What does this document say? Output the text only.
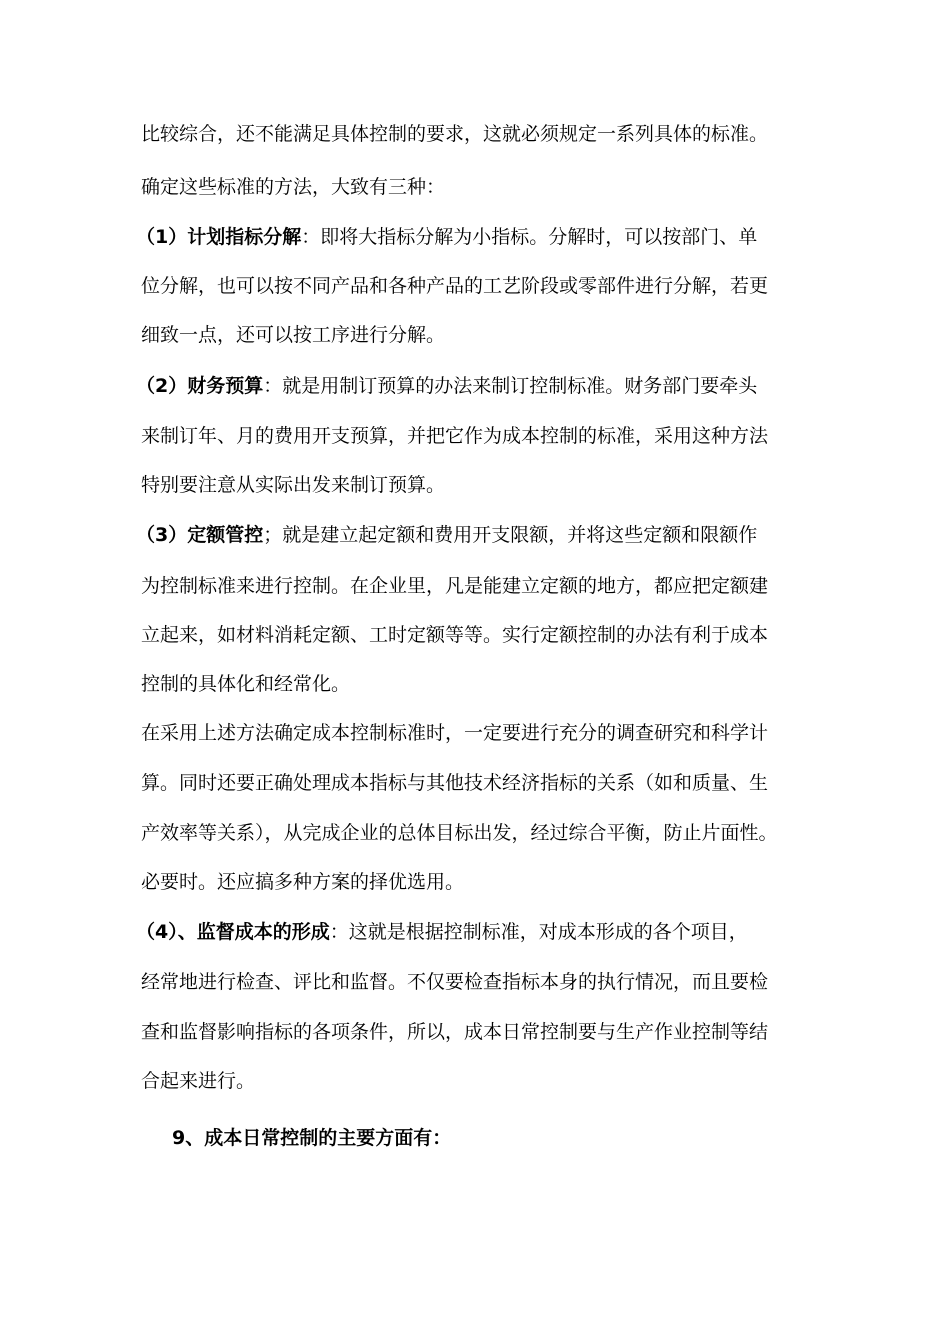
比较综合，还不能满足具体控制的要求，这就必须规定一系列具体的标准。
确定这些标准的方法，大致有三种：
（1）计划指标分解：即将大指标分解为小指标。分解时，可以按部门、单
位分解，也可以按不同产品和各种产品的工艺阶段或零部件进行分解，若更
细致一点，还可以按工序进行分解。
（2）财务预算：就是用制订预算的办法来制订控制标准。财务部门要牵头
来制订年、月的费用开支预算，并把它作为成本控制的标准，采用这种方法
特别要注意从实际出发来制订预算。
（3）定额管控；就是建立起定额和费用开支限额，并将这些定额和限额作
为控制标准来进行控制。在企业里，凡是能建立定额的地方，都应把定额建
立起来，如材料消耗定额、工时定额等等。实行定额控制的办法有利于成本
控制的具体化和经常化。
在采用上述方法确定成本控制标准时，一定要进行充分的调查研究和科学计
算。同时还要正确处理成本指标与其他技术经济指标的关系（如和质量、生
产效率等关系），从完成企业的总体目标出发，经过综合平衡，防止片面性。
必要时。还应搞多种方案的择优选用。
（4）、监督成本的形成：这就是根据控制标准，对成本形成的各个项目，
经常地进行检查、评比和监督。不仅要检查指标本身的执行情况，而且要检
查和监督影响指标的各项条件，所以，成本日常控制要与生产作业控制等结
合起来进行。
9、成本日常控制的主要方面有：
